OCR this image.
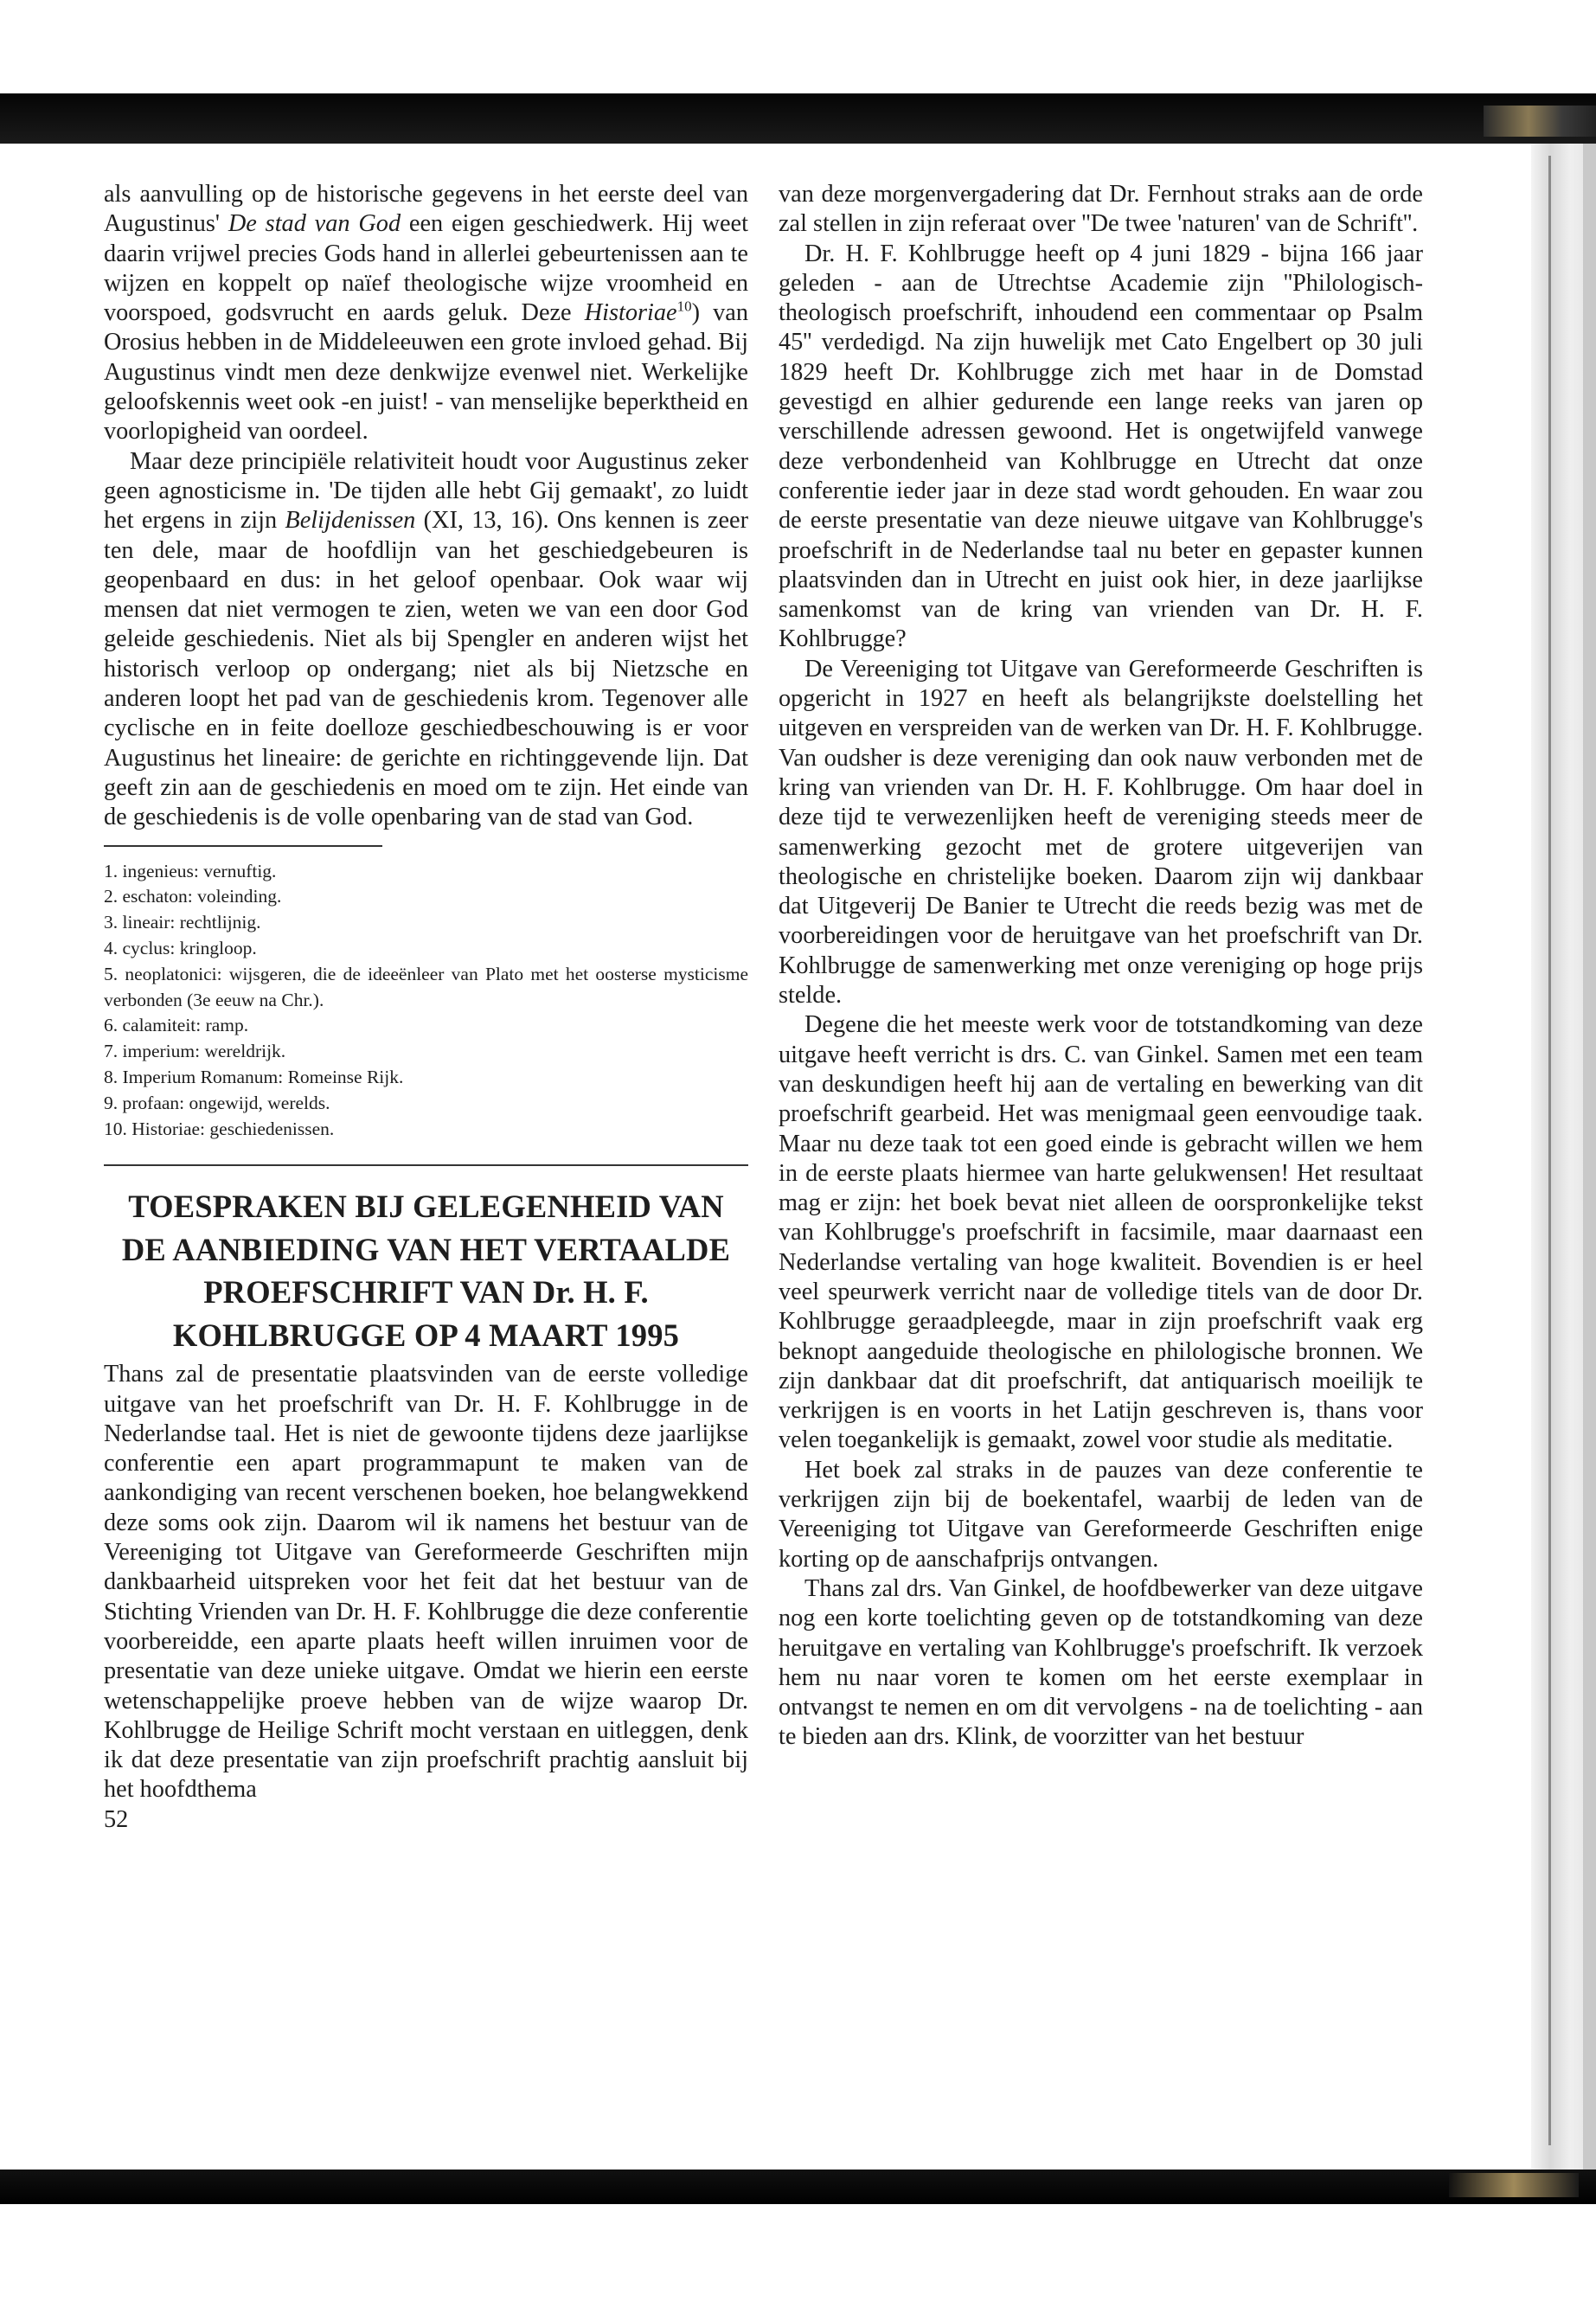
als aanvulling op de historische gegevens in het eerste deel van Augustinus' De stad van God een eigen geschiedwerk. Hij weet daarin vrijwel precies Gods hand in allerlei gebeurtenissen aan te wijzen en koppelt op naïef theologische wijze vroomheid en voorspoed, godsvrucht en aards geluk. Deze Historiae$^{10}$) van Orosius hebben in de Middeleeuwen een grote invloed gehad. Bij Augustinus vindt men deze denkwijze evenwel niet. Werkelijke geloofskennis weet ook -en juist! - van menselijke beperktheid en voorlopigheid van oordeel.

Maar deze principiële relativiteit houdt voor Augustinus zeker geen agnosticisme in. 'De tijden alle hebt Gij gemaakt', zo luidt het ergens in zijn Belijdenissen (XI, 13, 16). Ons kennen is zeer ten dele, maar de hoofdlijn van het geschiedgebeuren is geopenbaard en dus: in het geloof openbaar. Ook waar wij mensen dat niet vermogen te zien, weten we van een door God geleide geschiedenis. Niet als bij Spengler en anderen wijst het historisch verloop op ondergang; niet als bij Nietzsche en anderen loopt het pad van de geschiedenis krom. Tegenover alle cyclische en in feite doelloze geschiedbeschouwing is er voor Augustinus het lineaire: de gerichte en richtinggevende lijn. Dat geeft zin aan de geschiedenis en moed om te zijn. Het einde van de geschiedenis is de volle openbaring van de stad van God.

1. ingenieus: vernuftig.
2. eschaton: voleinding.
3. lineair: rechtlijnig.
4. cyclus: kringloop.
5. neoplatonici: wijsgeren, die de ideeënleer van Plato met het oosterse mysticisme verbonden (3e eeuw na Chr.).
6. calamiteit: ramp.
7. imperium: wereldrijk.
8. Imperium Romanum: Romeinse Rijk.
9. profaan: ongewijd, werelds.
10. Historiae: geschiedenissen.
TOESPRAKEN BIJ GELEGENHEID VAN DE AANBIEDING VAN HET VERTAALDE PROEFSCHRIFT VAN Dr. H. F. KOHLBRUGGE OP 4 MAART 1995

Thans zal de presentatie plaatsvinden van de eerste volledige uitgave van het proefschrift van Dr. H. F. Kohlbrugge in de Nederlandse taal. Het is niet de gewoonte tijdens deze jaarlijkse conferentie een apart programmapunt te maken van de aankondiging van recent verschenen boeken, hoe belangwekkend deze soms ook zijn. Daarom wil ik namens het bestuur van de Vereeniging tot Uitgave van Gereformeerde Geschriften mijn dankbaarheid uitspreken voor het feit dat het bestuur van de Stichting Vrienden van Dr. H. F. Kohlbrugge die deze conferentie voorbereidde, een aparte plaats heeft willen inruimen voor de presentatie van deze unieke uitgave. Omdat we hierin een eerste wetenschappelijke proeve hebben van de wijze waarop Dr. Kohlbrugge de Heilige Schrift mocht verstaan en uitleggen, denk ik dat deze presentatie van zijn proefschrift prachtig aansluit bij het hoofdthema

52

van deze morgenvergadering dat Dr. Fernhout straks aan de orde zal stellen in zijn referaat over ''De twee 'naturen' van de Schrift''.

Dr. H. F. Kohlbrugge heeft op 4 juni 1829 - bijna 166 jaar geleden - aan de Utrechtse Academie zijn ''Philologisch-theologisch proefschrift, inhoudend een commentaar op Psalm 45'' verdedigd. Na zijn huwelijk met Cato Engelbert op 30 juli 1829 heeft Dr. Kohlbrugge zich met haar in de Domstad gevestigd en alhier gedurende een lange reeks van jaren op verschillende adressen gewoond. Het is ongetwijfeld vanwege deze verbondenheid van Kohlbrugge en Utrecht dat onze conferentie ieder jaar in deze stad wordt gehouden. En waar zou de eerste presentatie van deze nieuwe uitgave van Kohlbrugge's proefschrift in de Nederlandse taal nu beter en gepaster kunnen plaatsvinden dan in Utrecht en juist ook hier, in deze jaarlijkse samenkomst van de kring van vrienden van Dr. H. F. Kohlbrugge?

De Vereeniging tot Uitgave van Gereformeerde Geschriften is opgericht in 1927 en heeft als belangrijkste doelstelling het uitgeven en verspreiden van de werken van Dr. H. F. Kohlbrugge. Van oudsher is deze vereniging dan ook nauw verbonden met de kring van vrienden van Dr. H. F. Kohlbrugge. Om haar doel in deze tijd te verwezenlijken heeft de vereniging steeds meer de samenwerking gezocht met de grotere uitgeverijen van theologische en christelijke boeken. Daarom zijn wij dankbaar dat Uitgeverij De Banier te Utrecht die reeds bezig was met de voorbereidingen voor de heruitgave van het proefschrift van Dr. Kohlbrugge de samenwerking met onze vereniging op hoge prijs stelde.

Degene die het meeste werk voor de totstandkoming van deze uitgave heeft verricht is drs. C. van Ginkel. Samen met een team van deskundigen heeft hij aan de vertaling en bewerking van dit proefschrift gearbeid. Het was menigmaal geen eenvoudige taak. Maar nu deze taak tot een goed einde is gebracht willen we hem in de eerste plaats hiermee van harte gelukwensen! Het resultaat mag er zijn: het boek bevat niet alleen de oorspronkelijke tekst van Kohlbrugge's proefschrift in facsimile, maar daarnaast een Nederlandse vertaling van hoge kwaliteit. Bovendien is er heel veel speurwerk verricht naar de volledige titels van de door Dr. Kohlbrugge geraadpleegde, maar in zijn proefschrift vaak erg beknopt aangeduide theologische en philologische bronnen. We zijn dankbaar dat dit proefschrift, dat antiquarisch moeilijk te verkrijgen is en voorts in het Latijn geschreven is, thans voor velen toegankelijk is gemaakt, zowel voor studie als meditatie.

Het boek zal straks in de pauzes van deze conferentie te verkrijgen zijn bij de boekentafel, waarbij de leden van de Vereeniging tot Uitgave van Gereformeerde Geschriften enige korting op de aanschafprijs ontvangen.

Thans zal drs. Van Ginkel, de hoofdbewerker van deze uitgave nog een korte toelichting geven op de totstandkoming van deze heruitgave en vertaling van Kohlbrugge's proefschrift. Ik verzoek hem nu naar voren te komen om het eerste exemplaar in ontvangst te nemen en om dit vervolgens - na de toelichting - aan te bieden aan drs. Klink, de voorzitter van het bestuur
